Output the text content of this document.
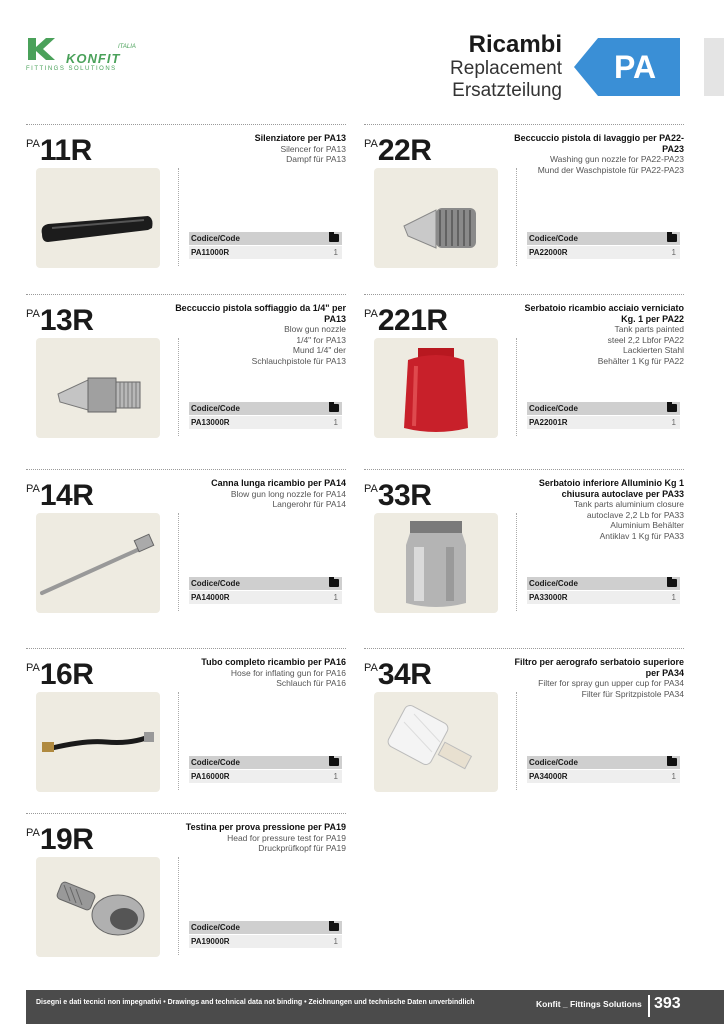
ITALIA
KONFIT
FITTINGS SOLUTIONS
Ricambi
Replacement
Ersatzteilung
PA
$^{PA}$11R	Silenziatore per PA13
Silencer for PA13
Dampf für PA13
Codice/Code
PA11000R	1
$^{PA}$22R	Beccuccio pistola di lavaggio per PA22-PA23
Washing gun nozzle for PA22-PA23
Mund der Waschpistole für PA22-PA23
Codice/Code
PA22000R	1
$^{PA}$13R	Beccuccio pistola soffiaggio da 1/4" per PA13
Blow gun nozzle
1/4" for PA13
Mund 1/4" der
Schlauchpistole für PA13
Codice/Code
PA13000R	1
$^{PA}$221R	Serbatoio ricambio acciaio verniciato Kg. 1 per PA22
Tank parts painted
steel 2,2 Lbfor PA22
Lackierten Stahl
Behälter 1 Kg für PA22
Codice/Code
PA22001R	1
$^{PA}$14R	Canna lunga ricambio per PA14
Blow gun long nozzle for PA14
Langerohr für PA14
Codice/Code
PA14000R	1
$^{PA}$33R	Serbatoio inferiore Alluminio Kg 1 chiusura autoclave per PA33
Tank parts aluminium closure
autoclave 2,2 Lb for PA33
Aluminium Behälter
Antiklav 1 Kg für PA33
Codice/Code
PA33000R	1
$^{PA}$16R	Tubo completo ricambio per PA16
Hose for inflating gun for PA16
Schlauch für PA16
Codice/Code
PA16000R	1
$^{PA}$34R	Filtro per aerografo serbatoio superiore per PA34
Filter for spray gun upper cup for PA34
Filter für Spritzpistole PA34
Codice/Code
PA34000R	1
$^{PA}$19R	Testina per prova pressione per PA19
Head for pressure test for PA19
Druckprüfkopf für PA19
Codice/Code
PA19000R	1
Disegni e dati tecnici non impegnativi • Drawings and technical data not binding • Zeichnungen und technische Daten unverbindlich	Konfit _ Fittings Solutions 393
